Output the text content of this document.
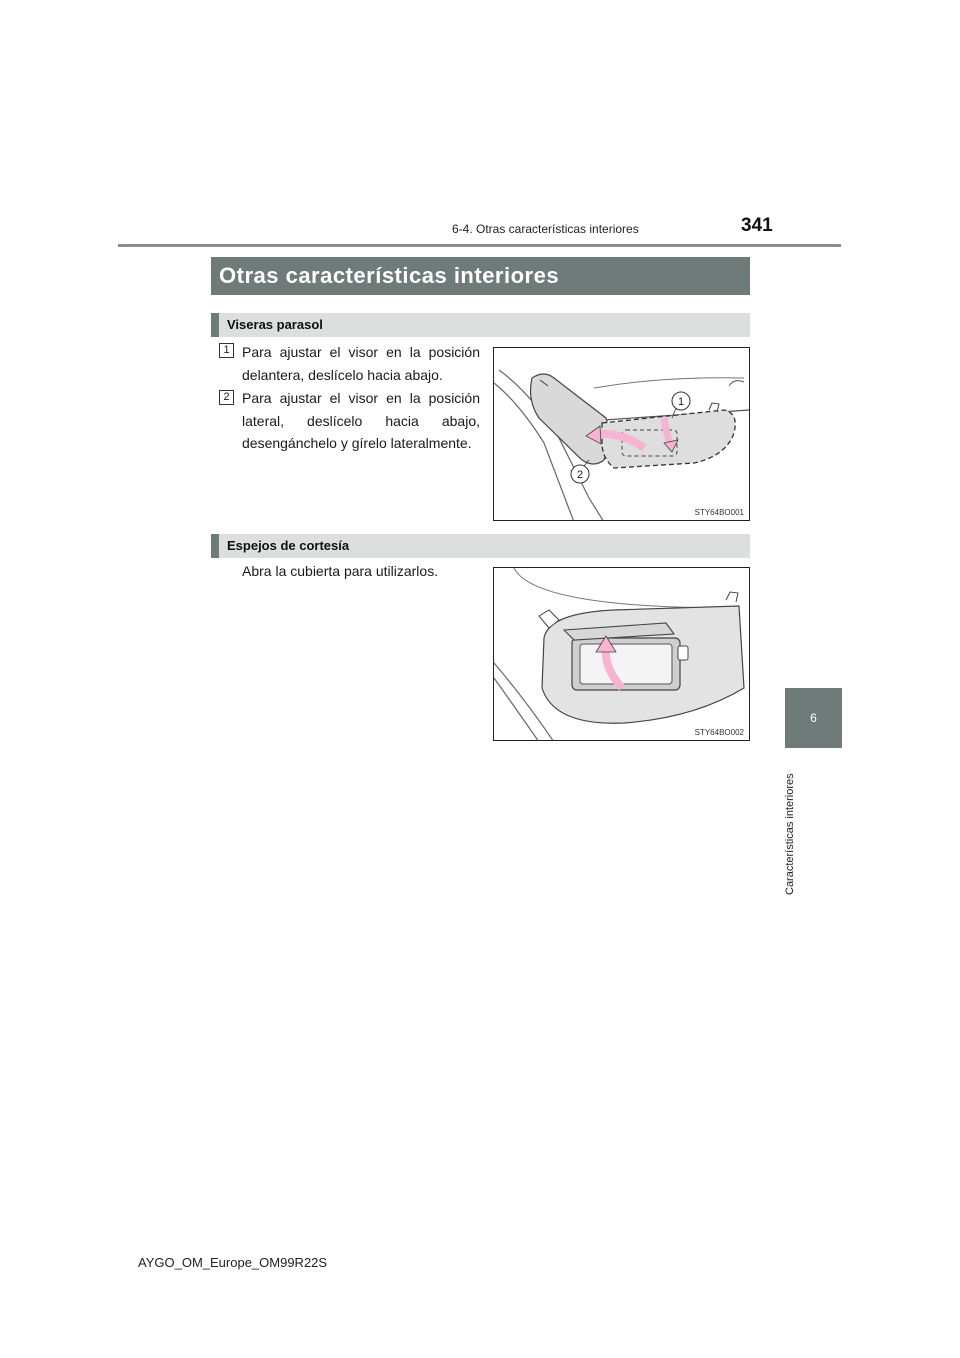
6-4. Otras características interiores	341
Otras características interiores
Viseras parasol
1 Para ajustar el visor en la posición delantera, deslícelo hacia abajo.
2 Para ajustar el visor en la posición lateral, deslícelo hacia abajo, desengánchelo y gírelo lateralmente.
1
2
STY64BO001
Espejos de cortesía
Abra la cubierta para utilizarlos.
STY64BO002
6
Características interiores
AYGO_OM_Europe_OM99R22S
